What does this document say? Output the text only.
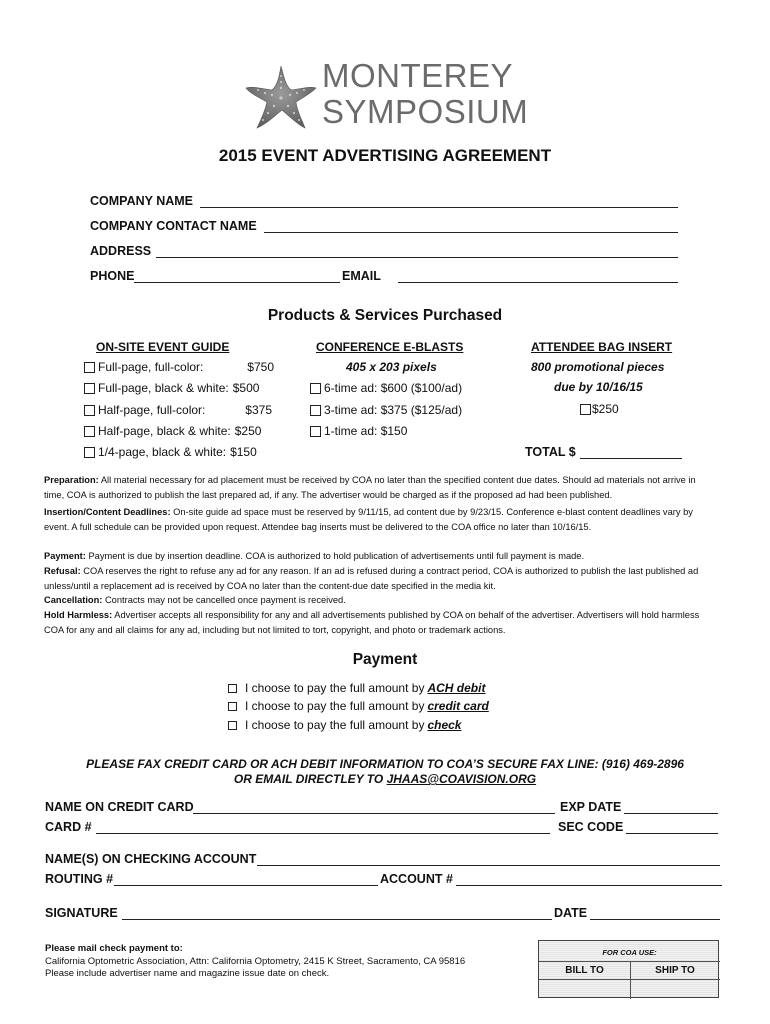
MONTEREY
SYMPOSIUM
2015 EVENT ADVERTISING AGREEMENT
COMPANY NAME
COMPANY CONTACT NAME
ADDRESS
PHONE	EMAIL
Products & Services Purchased
ON-SITE EVENT GUIDE
Full-page, full-color:	$750
Full-page, black & white: $500
Half-page, full-color:	$375
Half-page, black & white: $250
1/4-page, black & white: $150
CONFERENCE E-BLASTS
405 x 203 pixels
6-time ad: $600 ($100/ad)
3-time ad: $375 ($125/ad)
1-time ad: $150
ATTENDEE BAG INSERT
800 promotional pieces
due by 10/16/15
$250
TOTAL $
Preparation: All material necessary for ad placement must be received by COA no later than the specified content due dates. Should ad materials not arrive in time, COA is authorized to publish the last prepared ad, if any. The advertiser would be charged as if the proposed ad had been published.
Insertion/Content Deadlines: On-site guide ad space must be reserved by 9/11/15, ad content due by 9/23/15. Conference e-blast content deadlines vary by event. A full schedule can be provided upon request. Attendee bag inserts must be delivered to the COA office no later than 10/16/15.
Payment: Payment is due by insertion deadline. COA is authorized to hold publication of advertisements until full payment is made.
Refusal: COA reserves the right to refuse any ad for any reason. If an ad is refused during a contract period, COA is authorized to publish the last published ad unless/until a replacement ad is received by COA no later than the content-due date specified in the media kit.
Cancellation: Contracts may not be cancelled once payment is received.
Hold Harmless: Advertiser accepts all responsibility for any and all advertisements published by COA on behalf of the advertiser. Advertisers will hold harmless COA for any and all claims for any ad, including but not limited to tort, copyright, and photo or trademark actions.
Payment
I choose to pay the full amount by ACH debit
I choose to pay the full amount by credit card
I choose to pay the full amount by check
PLEASE FAX CREDIT CARD OR ACH DEBIT INFORMATION TO COA’S SECURE FAX LINE: (916) 469-2896
OR EMAIL DIRECTLEY TO JHAAS@COAVISION.ORG
NAME ON CREDIT CARD	EXP DATE
CARD #	SEC CODE
NAME(S) ON CHECKING ACCOUNT
ROUTING #	ACCOUNT #
SIGNATURE	DATE
Please mail check payment to:
California Optometric Association, Attn: California Optometry, 2415 K Street, Sacramento, CA 95816
Please include advertiser name and magazine issue date on check.
FOR COA USE:
BILL TO	SHIP TO
